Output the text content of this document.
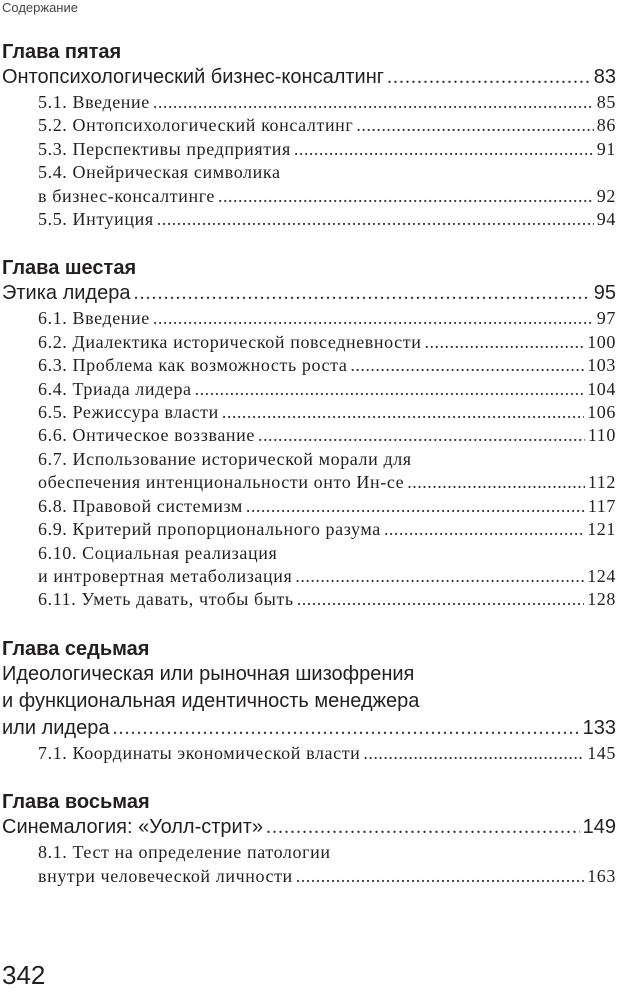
Содержание
Глава пятая
Онтопсихологический бизнес-консалтинг . . .	83
5.1. Введение . . .	85
5.2. Онтопсихологический консалтинг . . .	86
5.3. Перспективы предприятия . . .	91
5.4. Онейрическая символика
в бизнес-консалтинге . . .	92
5.5. Интуиция . . .	94
Глава шестая
Этика лидера . . .	95
6.1. Введение . . .	97
6.2. Диалектика исторической повседневности . . .	100
6.3. Проблема как возможность роста . . .	103
6.4. Триада лидера . . .	104
6.5. Режиссура власти . . .	106
6.6. Онтическое воззвание . . .	110
6.7. Использование исторической морали для
обеспечения интенциональности онто Ин-се . . .	112
6.8. Правовой системизм . . .	117
6.9. Критерий пропорционального разума . . .	121
6.10. Социальная реализация
и интровертная метаболизация . . .	124
6.11. Уметь давать, чтобы быть . . .	128
Глава седьмая
Идеологическая или рыночная шизофрения
и функциональная идентичность менеджера
или лидера . . .	133
7.1. Координаты экономической власти . . .	145
Глава восьмая
Синемалогия: «Уолл-стрит» . . .	149
8.1. Тест на определение патологии
внутри человеческой личности . . .	163
342
